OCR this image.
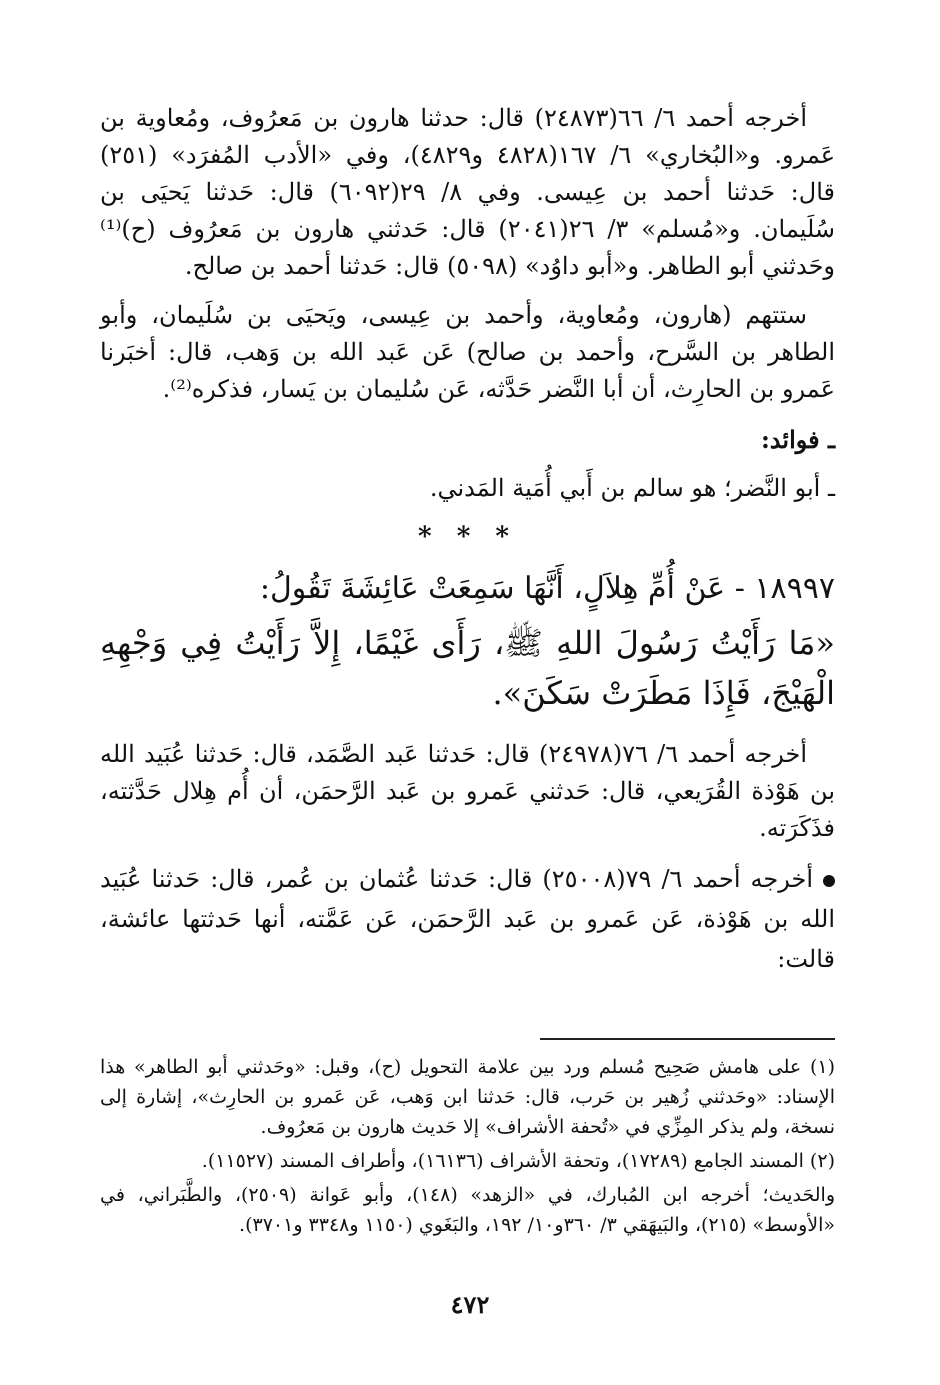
أخرجه أحمد ٦/ ٦٦(٢٤٨٧٣) قال: حدثنا هارون بن مَعرُوف، ومُعاوية بن عَمرو. و«البُخاري» ٦/ ١٦٧(٤٨٢٨ و٤٨٢٩)، وفي «الأدب المُفرَد» (٢٥١) قال: حَدثنا أحمد بن عِيسى. وفي ٨/ ٢٩(٦٠٩٢) قال: حَدثنا يَحيَى بن سُلَيمان. و«مُسلم» ٣/ ٢٦(٢٠٤١) قال: حَدثني هارون بن مَعرُوف (ح)⁽¹⁾ وحَدثني أبو الطاهر. و«أبو داوُد» (٥٠٩٨) قال: حَدثنا أحمد بن صالح.

ستتهم (هارون، ومُعاوية، وأحمد بن عِيسى، ويَحيَى بن سُلَيمان، وأبو الطاهر بن السَّرح، وأحمد بن صالح) عَن عَبد الله بن وَهب، قال: أخبَرنا عَمرو بن الحارِث، أن أبا النَّضر حَدَّثه، عَن سُليمان بن يَسار، فذكره⁽²⁾.

ـ فوائد:
ـ أبو النَّضر؛ هو سالم بن أَبي أُمَية المَدني.
* * *
١٨٩٩٧ - عَنْ أُمِّ هِلاَلٍ، أَنَّهَا سَمِعَتْ عَائِشَةَ تَقُولُ:
«مَا رَأَيْتُ رَسُولَ اللهِ ﷺ، رَأَى غَيْمًا، إِلاَّ رَأَيْتُ فِي وَجْهِهِ الْهَيْجَ، فَإِذَا مَطَرَتْ سَكَنَ».

أخرجه أحمد ٦/ ٧٦(٢٤٩٧٨) قال: حَدثنا عَبد الصَّمَد، قال: حَدثنا عُبَيد الله بن هَوْذة القُرَيعي، قال: حَدثني عَمرو بن عَبد الرَّحمَن، أن أُم هِلال حَدَّثته، فذَكَرَته.

أخرجه أحمد ٦/ ٧٩(٢٥٠٠٨) قال: حَدثنا عُثمان بن عُمر، قال: حَدثنا عُبَيد الله بن هَوْذة، عَن عَمرو بن عَبد الرَّحمَن، عَن عَمَّته، أنها حَدثتها عائشة، قالت:

(١) على هامش صَحِيح مُسلم ورد بين علامة التحويل (ح)، وقبل: «وحَدثني أبو الطاهر» هذا الإسناد: «وحَدثني زُهير بن حَرب، قال: حَدثنا ابن وَهب، عَن عَمرو بن الحارِث»، إشارة إلى نسخة، ولم يذكر المِزِّي في «تُحفة الأشراف» إلا حَديث هارون بن مَعرُوف.

(٢) المسند الجامع (١٧٢٨٩)، وتحفة الأشراف (١٦١٣٦)، وأطراف المسند (١١٥٢٧).

والحَديث؛ أخرجه ابن المُبارك، في «الزهد» (١٤٨)، وأبو عَوانة (٢٥٠٩)، والطَّبَراني، في «الأوسط» (٢١٥)، والبَيهَقي ٣/ ٣٦٠و١٠/ ١٩٢، والبَغَوي (١١٥٠ و٣٣٤٨ و٣٧٠١).

٤٧٢
